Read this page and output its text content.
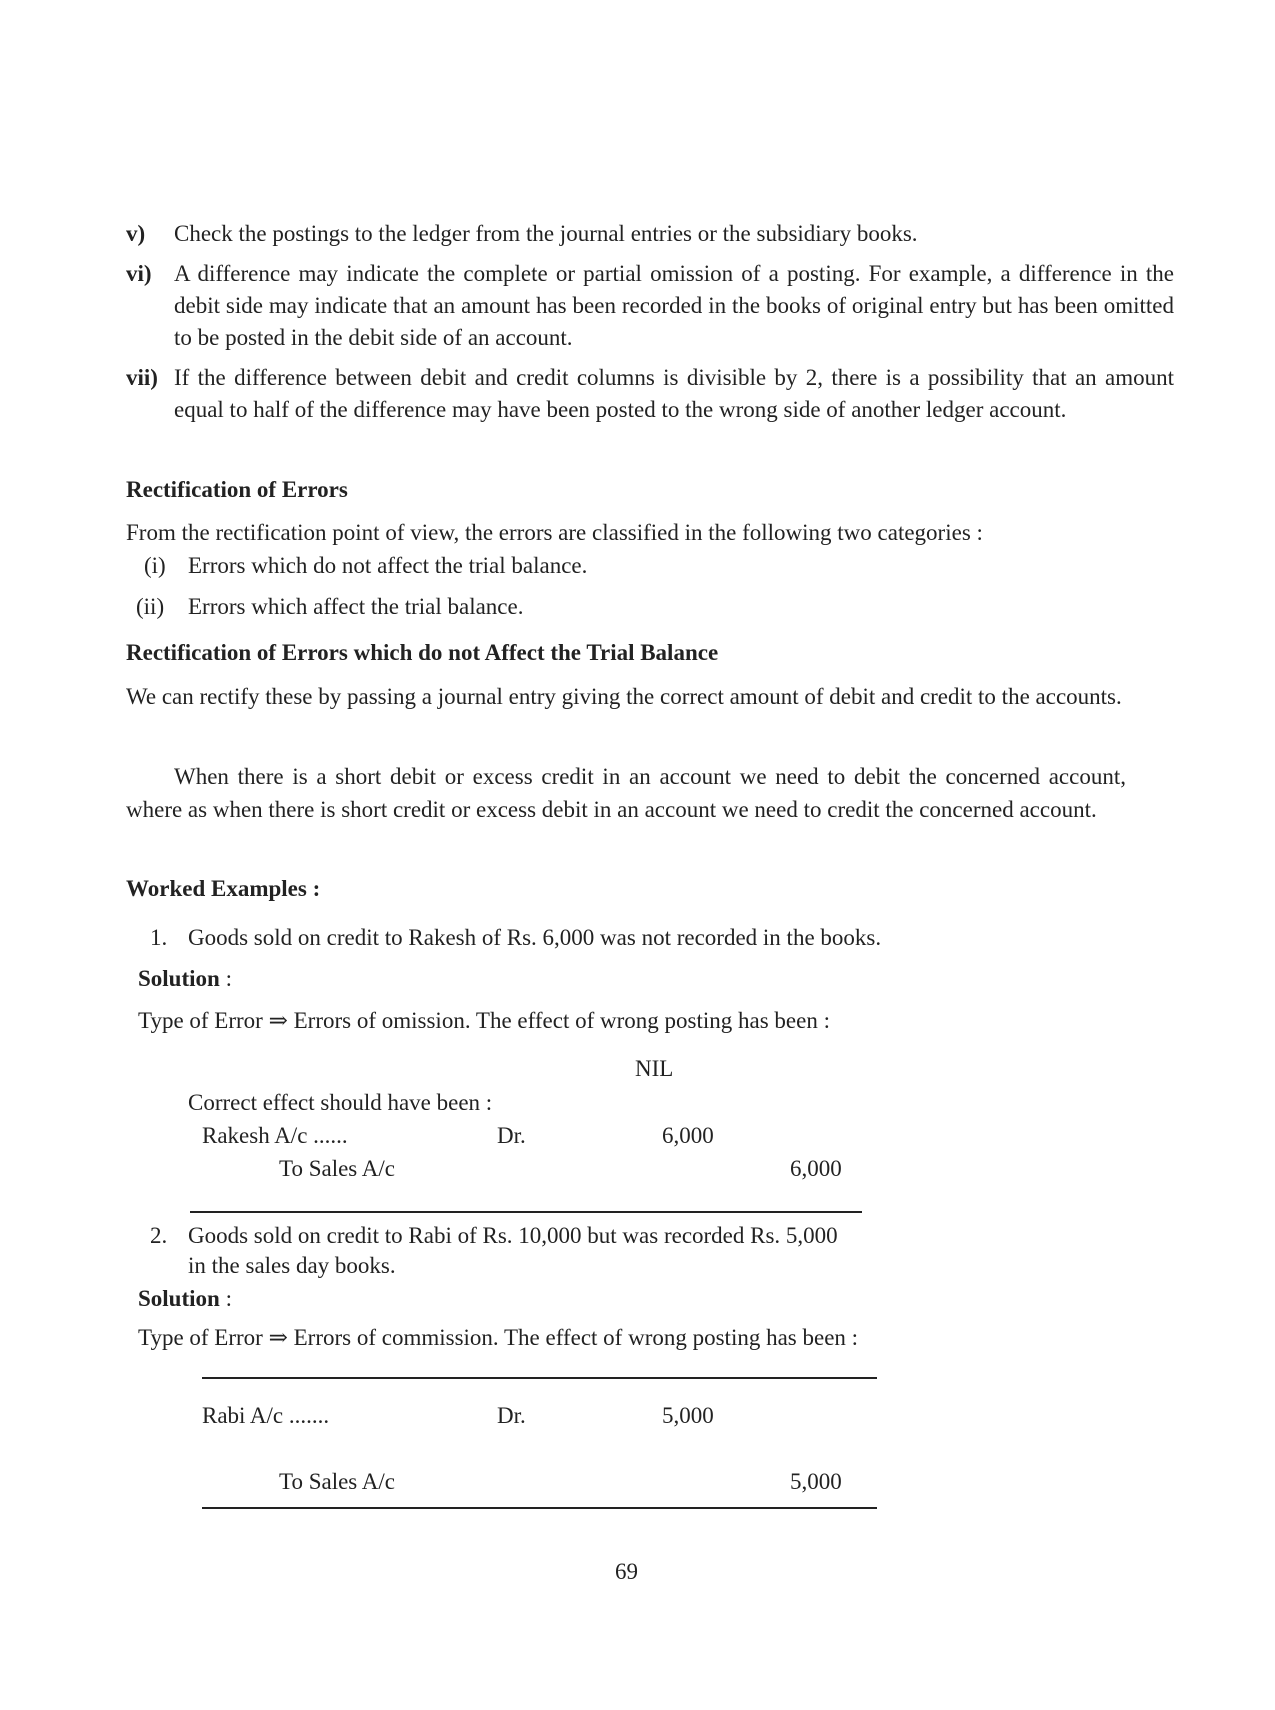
v) Check the postings to the ledger from the journal entries or the subsidiary books.
vi) A difference may indicate the complete or partial omission of a posting. For example, a difference in the debit side may indicate that an amount has been recorded in the books of original entry but has been omitted to be posted in the debit side of an account.
vii) If the difference between debit and credit columns is divisible by 2, there is a possibility that an amount equal to half of the difference may have been posted to the wrong side of another ledger account.
Rectification of Errors
From the rectification point of view, the errors are classified in the following two categories :
(i) Errors which do not affect the trial balance.
(ii) Errors which affect the trial balance.
Rectification of Errors which do not Affect the Trial Balance
We can rectify these by passing a journal entry giving the correct amount of debit and credit to the accounts.
When there is a short debit or excess credit in an account we need to debit the concerned account, where as when there is short credit or excess debit in an account we need to credit the concerned account.
Worked Examples :
1. Goods sold on credit to Rakesh of Rs. 6,000 was not recorded in the books.
Solution :
Type of Error ⇒ Errors of omission. The effect of wrong posting has been :
NIL
Correct effect should have been :
Rakesh A/c ......	Dr.	6,000
To Sales A/c	6,000
2. Goods sold on credit to Rabi of Rs. 10,000 but was recorded Rs. 5,000
in the sales day books.
Solution :
Type of Error ⇒ Errors of commission. The effect of wrong posting has been :
Rabi A/c .......	Dr.	5,000
To Sales A/c	5,000
69
